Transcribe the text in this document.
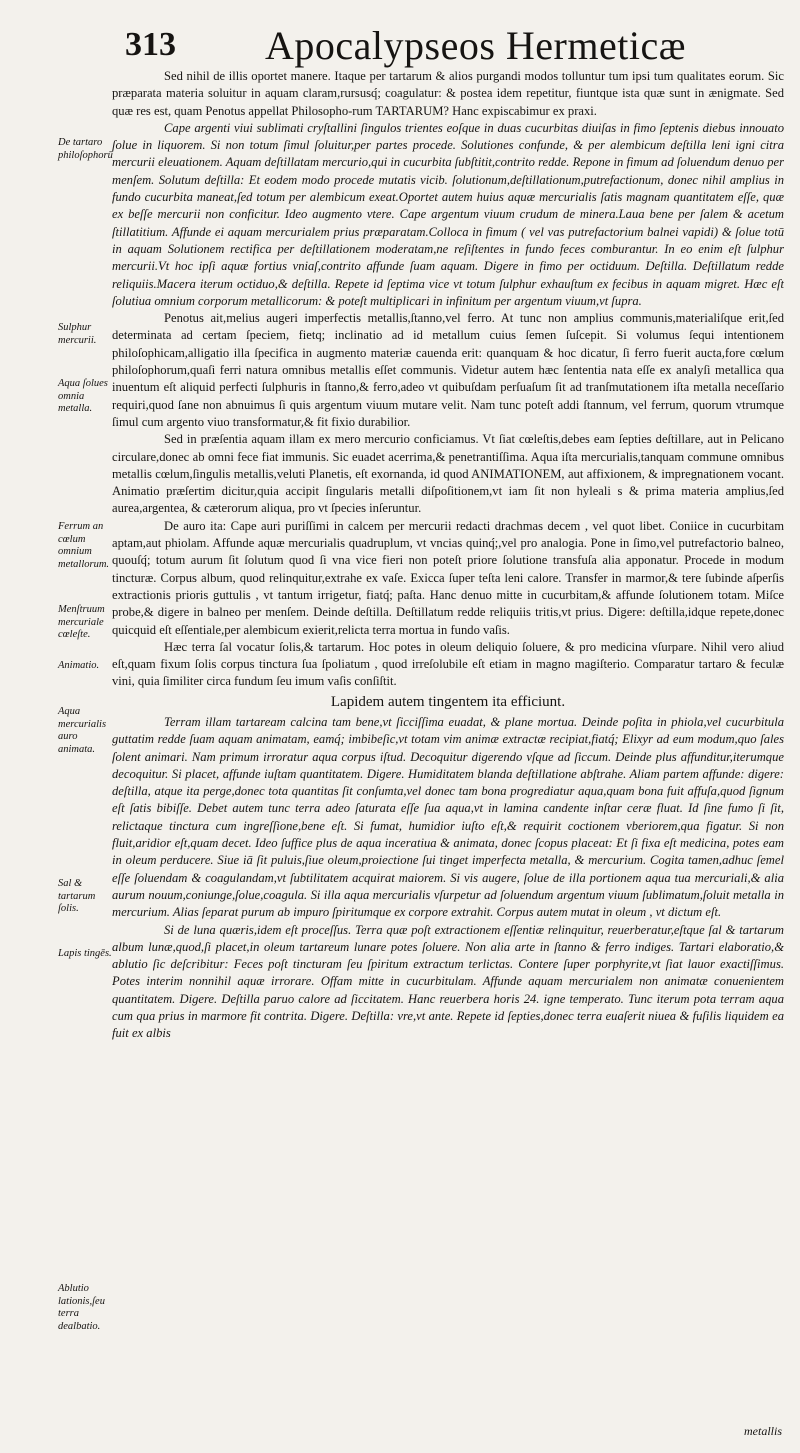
313 Apocalypseos Hermeticæ
De tartaro philoſophorū
Sulphur mercurii.
Aqua ſolues omnia metalla.
Ferrum an cœlum omnium metallorum.
Menſtruum mercuriale cœleſte.
Animatio.
Aqua mercurialis auro animata.
Sal & tartarum ſolis.
Lapis tingēs.
Ablutio lationis,ſeu terra dealbatio.

Sed nihil de illis oportet manere. Itaque per tartarum & alios purgandi modos tolluntur tum ipsi tum qualitates eorum. Sic præparata materia soluitur in aquam claram,rursusq́; coagulatur: & postea idem repetitur, fiuntque ista quæ sunt in ænigmate. Sed quæ res est, quam Penotus appellat Philosopho-rum TARTARUM? Hanc expiscabimur ex praxi.

Cape argenti viui sublimati cryſtallini ſingulos trientes eoſque in duas cucurbitas diuiſas in fimo ſeptenis diebus innouato ſolue in liquorem. Si non totum ſimul ſoluitur,per partes procede. Solutiones confunde, & per alembicum deſtilla leni igni citra mercurii eleuationem. Aquam deſtillatam mercurio,qui in cucurbita ſubſtitit,contrito redde. Repone in fimum ad ſoluendum denuo per menſem. Solutum deſtilla: Et eodem modo procede mutatis vicib. ſolutionum,deſtillationum,putrefactionum, donec nihil amplius in fundo cucurbita maneat,ſed totum per alembicum exeat.Oportet autem huius aquæ mercurialis ſatis magnam quantitatem eſſe, quæ ex beſſe mercurii non conficitur. Ideo augmento vtere. Cape argentum viuum crudum de minera.Laua bene per ſalem & acetum ſtillatitium. Affunde ei aquam mercurialem prius præparatam.Colloca in fimum ( vel vas putrefactorium balnei vapidi) & ſolue totū in aquam Solutionem rectifica per deſtillationem moderatam,ne reſiſtentes in fundo feces comburantur. In eo enim eſt ſulphur mercurii.Vt hoc ipſi aquæ fortius vniaſ,contrito affunde ſuam aquam. Digere in fimo per octiduum. Deſtilla. Deſtillatum redde reliquiis.Macera iterum octiduo,& deſtilla. Repete id ſeptima vice vt totum ſulphur exhauſtum ex fecibus in aquam migret. Hæc eſt ſolutiua omnium corporum metallicorum: & poteſt multiplicari in infinitum per argentum viuum,vt ſupra.

Penotus ait,melius augeri imperfectis metallis,ſtanno,vel ferro. At tunc non amplius communis,materialiſque erit,ſed determinata ad certam ſpeciem, fietq; inclinatio ad id metallum cuius ſemen ſuſcepit. Si volumus ſequi intentionem philoſophicam,alligatio illa ſpecifica in augmento materiæ cauenda erit: quanquam & hoc dicatur, ſi ferro fuerit aucta,fore cœlum philoſophorum,quaſi ferri natura omnibus metallis eſſet communis. Videtur autem hæc ſententia nata eſſe ex analyſi metallica qua inuentum eſt aliquid perfecti ſulphuris in ſtanno,& ferro,adeo vt quibuſdam perſuaſum ſit ad tranſmutationem iſta metalla neceſſario requiri,quod ſane non abnuimus ſi quis argentum viuum mutare velit. Nam tunc poteſt addi ſtannum, vel ferrum, quorum vtrumque ſimul cum argento viuo transformatur,& fit fixio durabilior.

Sed in præſentia aquam illam ex mero mercurio conficiamus. Vt ſiat cœleſtis,debes eam ſepties deſtillare, aut in Pelicano circulare,donec ab omni fece fiat immunis. Sic euadet acerrima,& penetrantiſſima. Aqua iſta mercurialis,tanquam commune omnibus metallis cœlum,ſingulis metallis,veluti Planetis, eſt exornanda, id quod ANIMATIONEM, aut affixionem, & impregnationem vocant. Animatio præſertim dicitur,quia accipit ſingularis metalli diſpoſitionem,vt iam ſit non hyleali s & prima materia amplius,ſed aurea,argentea, & cæterorum aliqua, pro vt ſpecies inſeruntur.

De auro ita: Cape auri puriſſimi in calcem per mercurii redacti drachmas decem , vel quot libet. Coniice in cucurbitam aptam,aut phiolam. Affunde aquæ mercurialis quadruplum, vt vncias quinq́;,vel pro analogia. Pone in ſimo,vel putrefactorio balneo, quouſq́; totum aurum ſit ſolutum quod ſi vna vice fieri non poteſt priore ſolutione transfuſa alia apponatur. Procede in modum tincturæ. Corpus album, quod relinquitur,extrahe ex vaſe. Exicca ſuper teſta leni calore. Transfer in marmor,& tere ſubinde aſperſis extractionis prioris guttulis , vt tantum irrigetur, fiatq́; paſta. Hanc denuo mitte in cucurbitam,& affunde ſolutionem totam. Miſce probe,& digere in balneo per menſem. Deinde deſtilla. Deſtillatum redde reliquiis tritis,vt prius. Digere: deſtilla,idque repete,donec quicquid eſt eſſentiale,per alembicum exierit,relicta terra mortua in fundo vaſis.

Hæc terra ſal vocatur ſolis,& tartarum. Hoc potes in oleum deliquio ſoluere, & pro medicina vſurpare. Nihil vero aliud eſt,quam fixum ſolis corpus tinctura ſua ſpoliatum , quod irreſolubile eſt etiam in magno magiſterio. Comparatur tartaro & feculæ vini, quia ſimiliter circa fundum ſeu imum vaſis conſiſtit.

Lapidem autem tingentem ita efficiunt.

Terram illam tartaream calcina tam bene,vt ſicciſſima euadat, & plane mortua. Deinde poſita in phiola,vel cucurbitula guttatim redde ſuam aquam animatam, eamq́; imbibeſic,vt totam vim animæ extractæ recipiat,fiatq́; Elixyr ad eum modum,quo ſales ſolent animari. Nam primum irroratur aqua corpus iſtud. Decoquitur digerendo vſque ad ſiccum. Deinde plus affunditur,iterumque decoquitur. Si placet, affunde iuſtam quantitatem. Digere. Humiditatem blanda deſtillatione abſtrahe. Aliam partem affunde: digere: deſtilla, atque ita perge,donec tota quantitas ſit conſumta,vel donec tam bona progrediatur aqua,quam bona fuit affuſa,quod ſignum eſt ſatis bibiſſe. Debet autem tunc terra adeo ſaturata eſſe ſua aqua,vt in lamina candente inſtar ceræ fluat. Id ſine fumo ſi ſit, relictaque tinctura cum ingreſſione,bene eſt. Si fumat, humidior iuſto eſt,& requirit coctionem vberiorem,qua figatur. Si non fluit,aridior eſt,quam decet. Ideo ſuffice plus de aqua inceratiua & animata, donec ſcopus placeat: Et ſi fixa eſt medicina, potes eam in oleum perducere. Siue iā ſit puluis,ſiue oleum,proiectione ſui tinget imperfecta metalla, & mercurium. Cogita tamen,adhuc ſemel eſſe ſoluendam & coagulandam,vt ſubtilitatem acquirat maiorem. Si vis augere, ſolue de illa portionem aqua tua mercuriali,& alia aurum nouum,coniunge,ſolue,coagula. Si illa aqua mercurialis vſurpetur ad ſoluendum argentum viuum ſublimatum,ſoluit metalla in mercurium. Alias ſeparat purum ab impuro ſpiritumque ex corpore extrahit. Corpus autem mutat in oleum , vt dictum eſt.

Si de luna quæris,idem eſt proceſſus. Terra quæ poſt extractionem eſſentiæ relinquitur, reuerberatur,eſtque ſal & tartarum album lunæ,quod,ſi placet,in oleum tartareum lunare potes ſoluere. Non alia arte in ſtanno & ferro indiges. Tartari elaboratio,& ablutio ſic deſcribitur: Feces poſt tincturam ſeu ſpiritum extractum terlictas. Contere ſuper porphyrite,vt ſiat lauor exactiſſimus. Potes interim nonnihil aquæ irrorare. Offam mitte in cucurbitulam. Affunde aquam mercurialem non animatæ conuenientem quantitatem. Digere. Deſtilla paruo calore ad ſiccitatem. Hanc reuerbera horis 24. igne temperato. Tunc iterum pota terram aqua cum qua prius in marmore fit contrita. Digere. Deſtilla: vre,vt ante. Repete id ſepties,donec terra euaſerit niuea & fuſilis liquidem ea fuit ex albis

metallis
